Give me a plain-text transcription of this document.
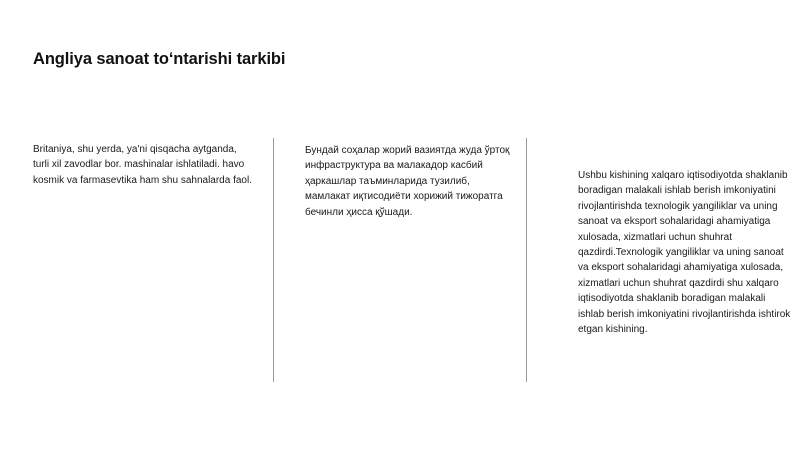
Angliya sanoat toʻntarishi tarkibi

Britaniya, shu yerda, ya'ni qisqacha aytganda, turli xil zavodlar bor. mashinalar ishlatiladi. havo kosmik va farmasevtika ham shu sahnalarda faol.

Бундай соҳалар жорий вазиятда жуда ўртоқ инфраструктура ва малакадор касбий ҳаркашлар таъминларида тузилиб, мамлакат иқтисодиёти хорижий тижоратга бечинли ҳисса қўшади.

Ushbu kishining xalqaro iqtisodiyotda shaklanib boradigan malakali ishlab berish imkoniyatini rivojlantirishda texnologik yangiliklar va uning sanoat va eksport sohalaridagi ahamiyatiga xulosada, xizmatlari uchun shuhrat qazdirdi.Texnologik yangiliklar va uning sanoat va eksport sohalaridagi ahamiyatiga xulosada, xizmatlari uchun shuhrat qazdirdi shu xalqaro iqtisodiyotda shaklanib boradigan malakali ishlab berish imkoniyatini rivojlantirishda ishtirok etgan kishining.
